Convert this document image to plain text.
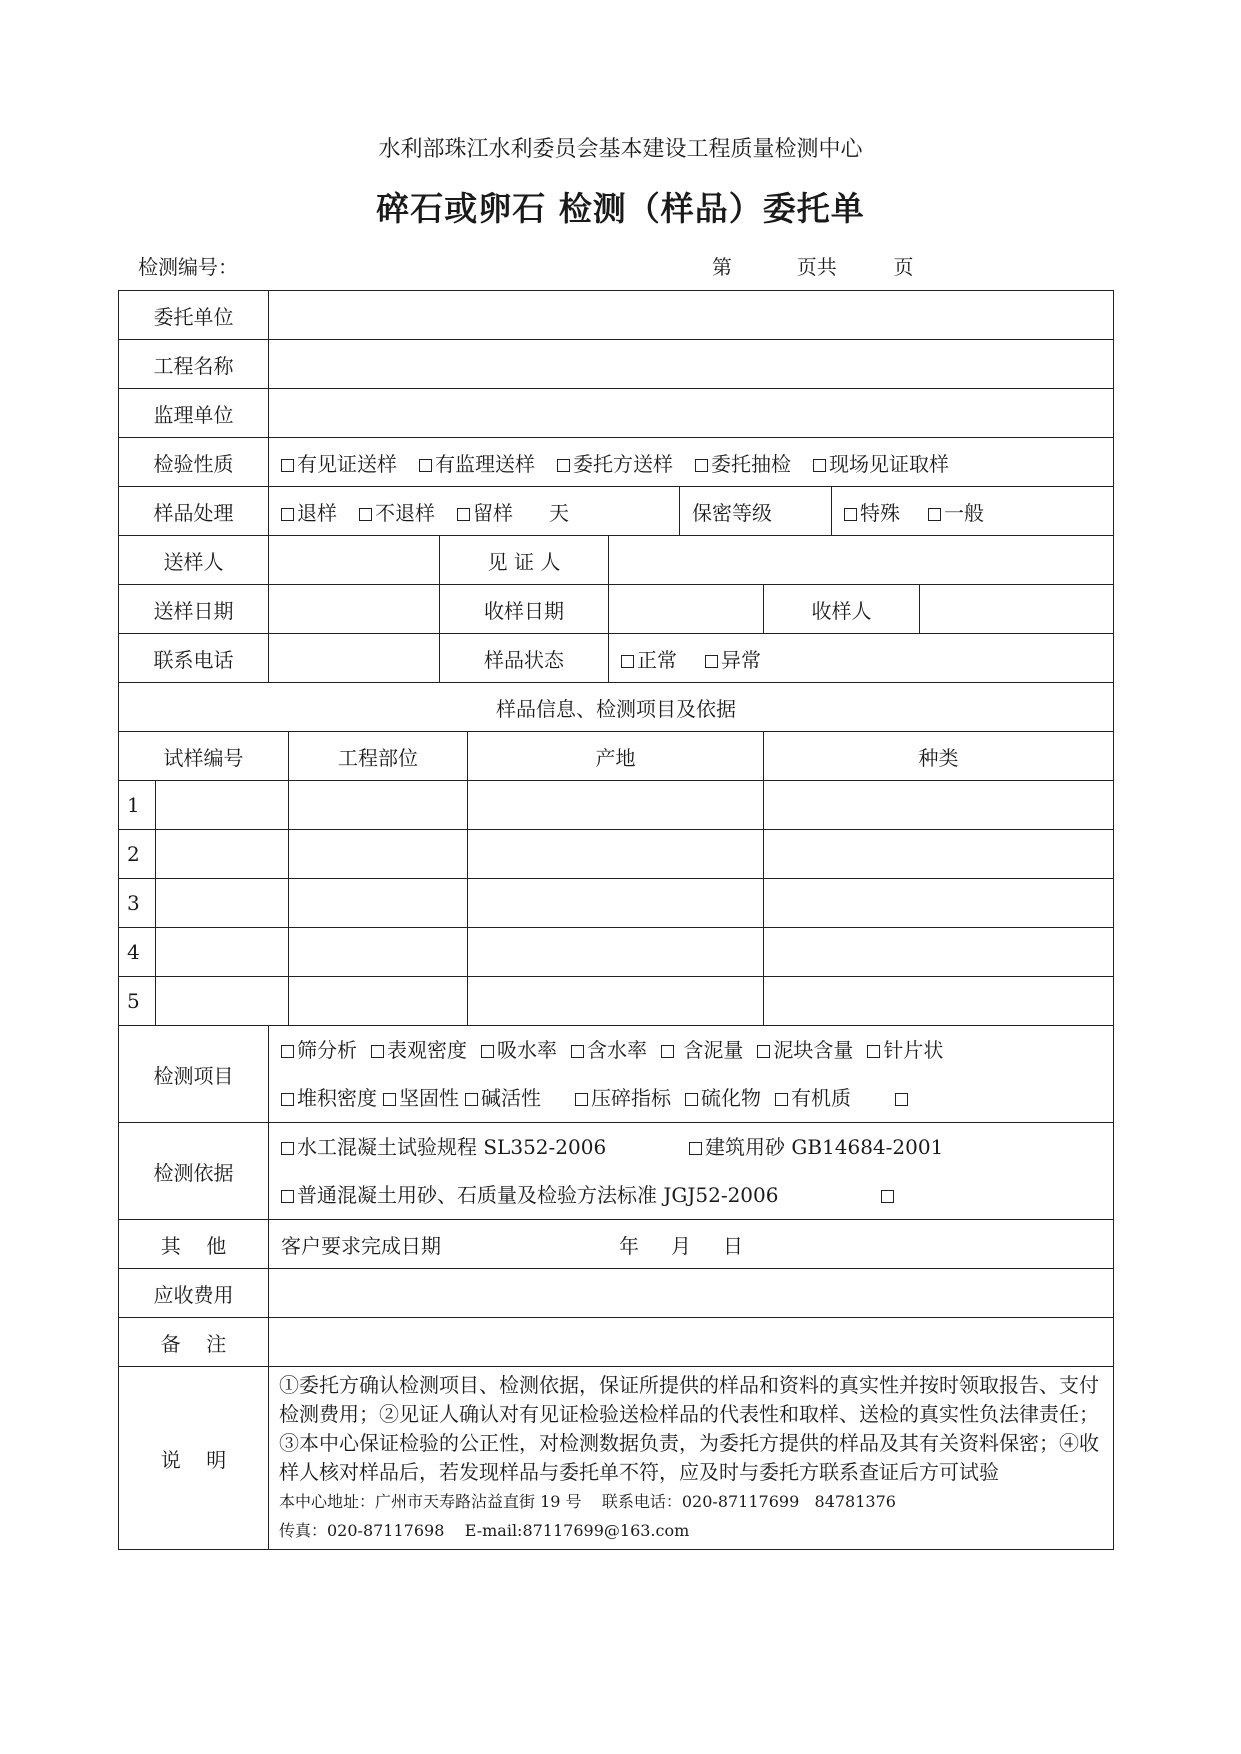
水利部珠江水利委员会基本建设工程质量检测中心
碎石或卵石 检测（样品）委托单
检测编号：	第	页共	页
委托单位										
工程名称										
监理单位										
检验性质		有见证送样 有监理送样 委托方送样 委托抽检 现场见证取样								
样品处理		退样 不退样 留样 天					保密等级		特殊 一般	
送样人				见 证 人						
送样日期				收样日期				收样人		
联系电话				样品状态		正常 异常				
样品信息、检测项目及依据										
试样编号			工程部位		产地			种类		
1										
2										
3										
4										
5										
检测项目		筛分析 表观密度 吸水率 含水率 含泥量 泥块含量 针片状
堆积密度 坚固性 碱活性 压碎指标 硫化物 有机质								

检测依据		水工混凝土试验规程 SL352-2006 建筑用砂 GB14684-2001
普通混凝土用砂、石质量及检验方法标准 JGJ52-2006								

其    他		客户要求完成日期 年 月 日								
应收费用										
备    注										
说    明		①委托方确认检测项目、检测依据，保证所提供的样品和资料的真实性并按时领取报告、支付检测费用；②见证人确认对有见证检验送检样品的代表性和取样、送检的真实性负法律责任；③本中心保证检验的公正性，对检测数据负责，为委托方提供的样品及其有关资料保密；④收样人核对样品后，若发现样品与委托单不符，应及时与委托方联系查证后方可试验
本中心地址：广州市天寿路沾益直街 19 号    联系电话：020-87117699   84781376
传真：020-87117698    E-mail:87117699@163.com								
